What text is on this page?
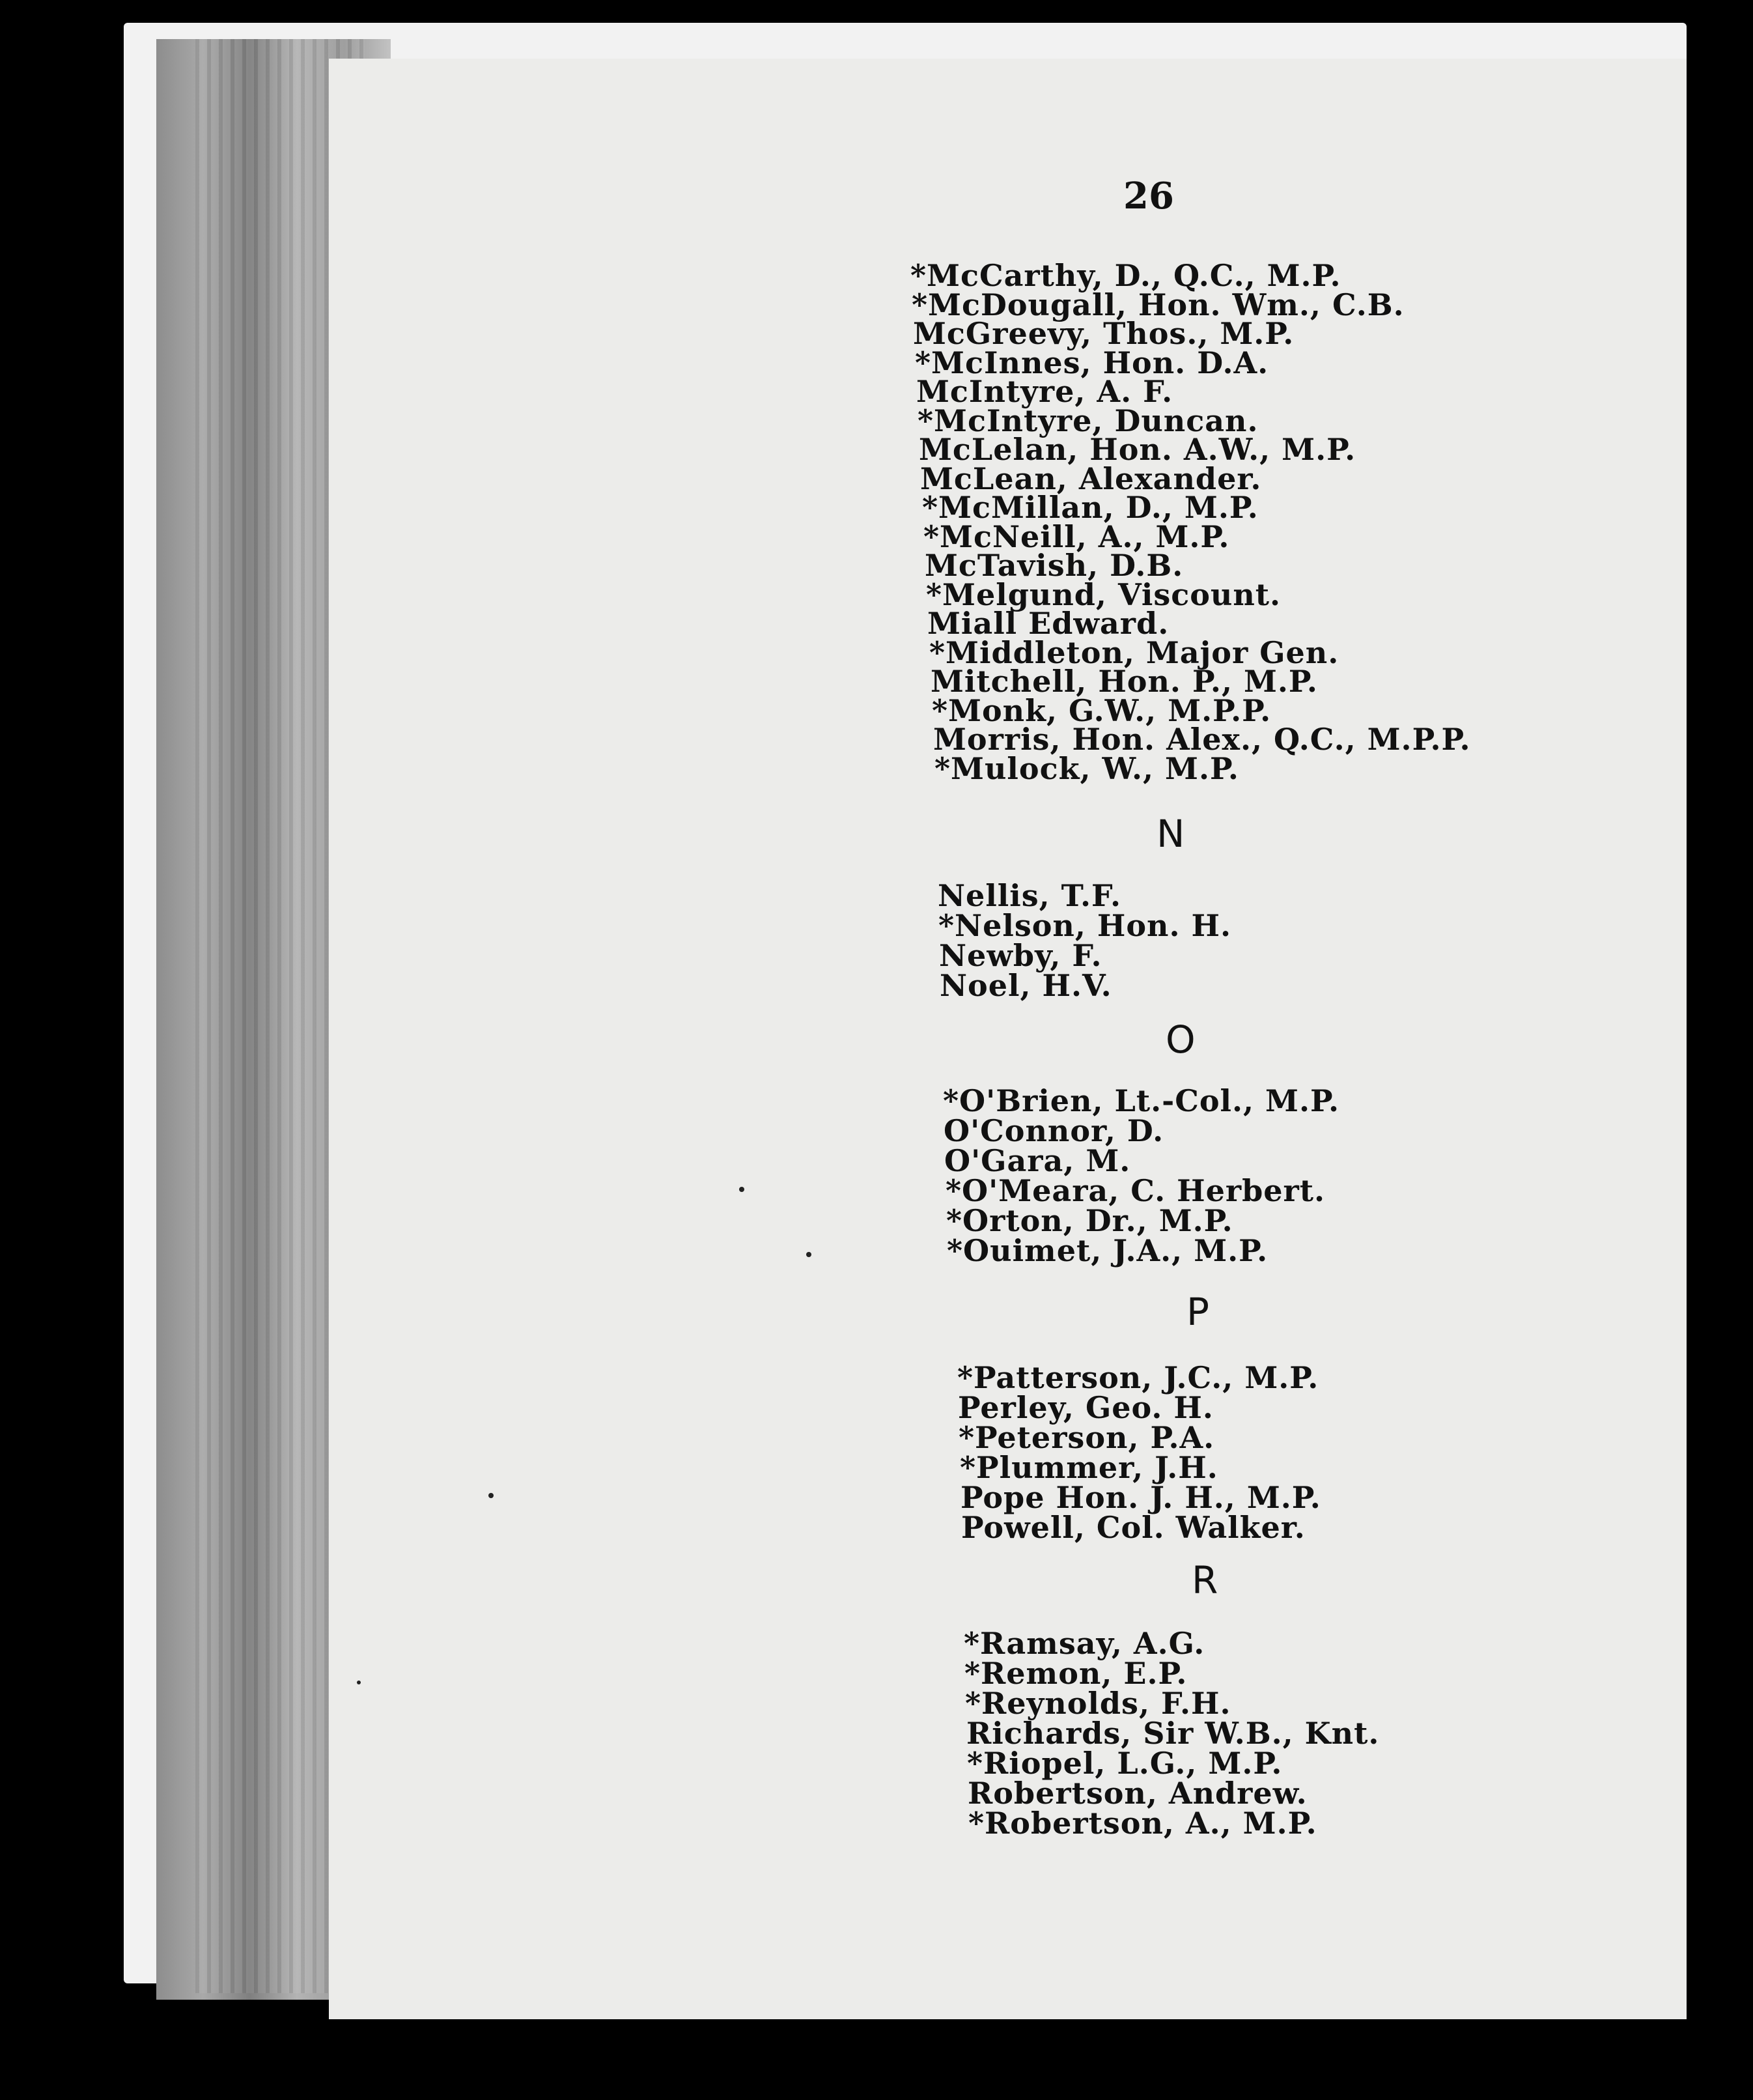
26
*McCarthy, D., Q.C., M.P.
*McDougall, Hon. Wm., C.B.
McGreevy, Thos., M.P.
*McInnes, Hon. D.A.
McIntyre, A. F.
*McIntyre, Duncan.
McLelan, Hon. A.W., M.P.
McLean, Alexander.
*McMillan, D., M.P.
*McNeill, A., M.P.
McTavish, D.B.
*Melgund, Viscount.
Miall Edward.
*Middleton, Major Gen.
Mitchell, Hon. P., M.P.
*Monk, G.W., M.P.P.
Morris, Hon. Alex., Q.C., M.P.P.
*Mulock, W., M.P.
N
Nellis, T.F.
*Nelson, Hon. H.
Newby, F.
Noel, H.V.
O
*O'Brien, Lt.-Col., M.P.
O'Connor, D.
O'Gara, M.
*O'Meara, C. Herbert.
*Orton, Dr., M.P.
*Ouimet, J.A., M.P.
P
*Patterson, J.C., M.P.
Perley, Geo. H.
*Peterson, P.A.
*Plummer, J.H.
Pope Hon. J. H., M.P.
Powell, Col. Walker.
R
*Ramsay, A.G.
*Remon, E.P.
*Reynolds, F.H.
Richards, Sir W.B., Knt.
*Riopel, L.G., M.P.
Robertson, Andrew.
*Robertson, A., M.P.
